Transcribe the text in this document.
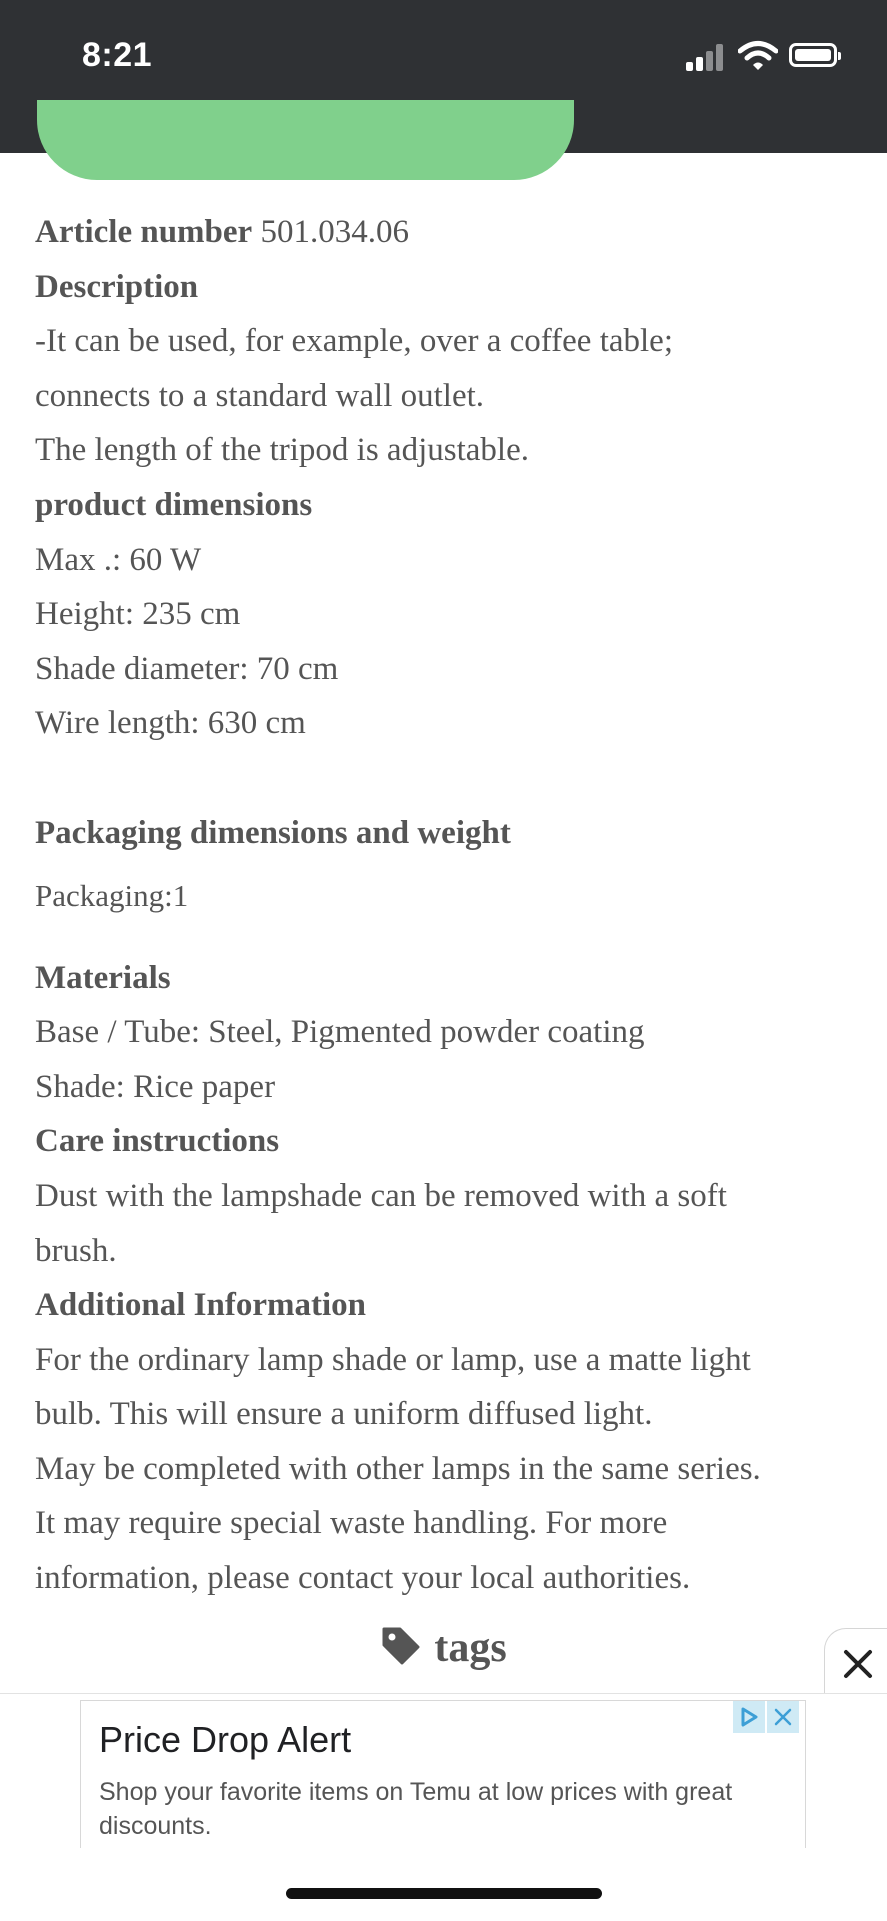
8:21
Article number 501.034.06
Description
-It can be used, for example, over a coffee table;
connects to a standard wall outlet.
The length of the tripod is adjustable.
product dimensions
Max .: 60 W
Height: 235 cm
Shade diameter: 70 cm
Wire length: 630 cm
Packaging dimensions and weight
Packaging:1
Materials
Base / Tube: Steel, Pigmented powder coating
Shade: Rice paper
Care instructions
Dust with the lampshade can be removed with a soft
brush.
Additional Information
For the ordinary lamp shade or lamp, use a matte light
bulb. This will ensure a uniform diffused light.
May be completed with other lamps in the same series.
It may require special waste handling. For more
information, please contact your local authorities.
tags
Price Drop Alert
Shop your favorite items on Temu at low prices with great discounts.
